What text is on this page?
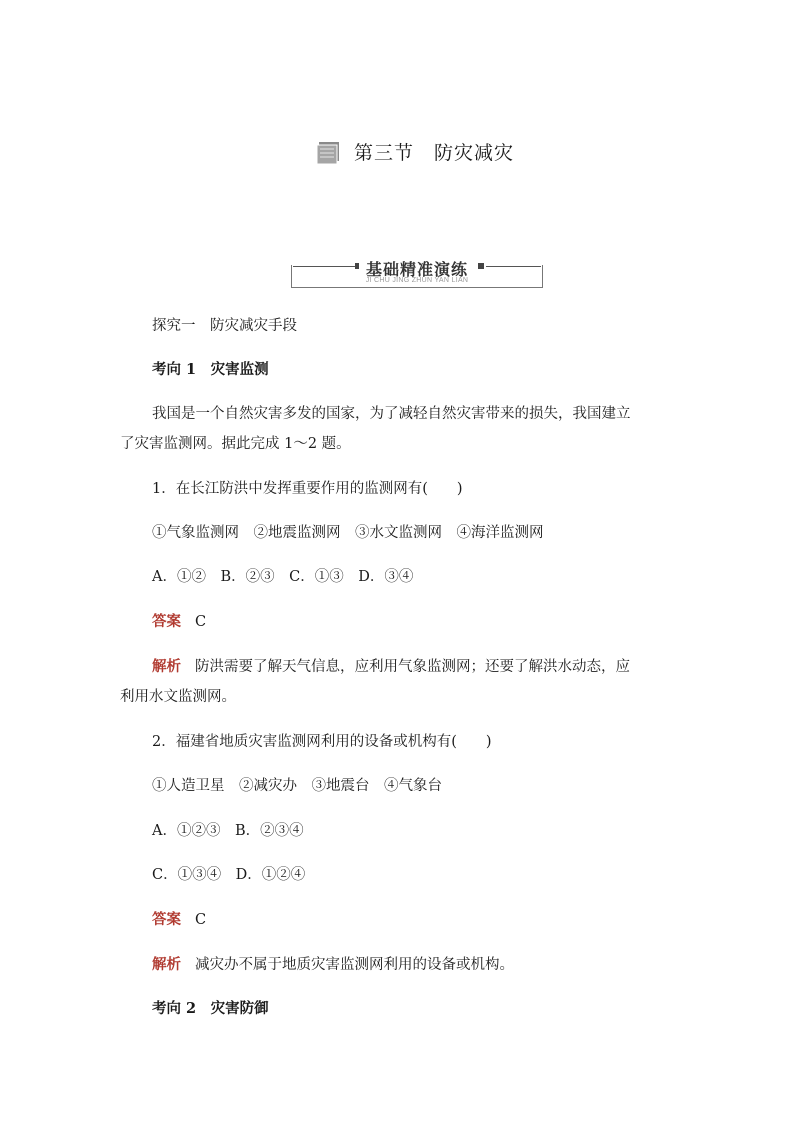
第三节　防灾减灾
基础精准演练
JI CHU JING ZHUN YAN LIAN
探究一　防灾减灾手段
考向 1　灾害监测
我国是一个自然灾害多发的国家，为了减轻自然灾害带来的损失，我国建立
了灾害监测网。据此完成 1～2 题。
1．在长江防洪中发挥重要作用的监测网有(　　)
①气象监测网　②地震监测网　③水文监测网　④海洋监测网
A．①②　B．②③　C．①③　D．③④
答案 C
解析 防洪需要了解天气信息，应利用气象监测网；还要了解洪水动态，应
利用水文监测网。
2．福建省地质灾害监测网利用的设备或机构有(　　)
①人造卫星　②减灾办　③地震台　④气象台
A．①②③　B．②③④
C．①③④　D．①②④
答案 C
解析 减灾办不属于地质灾害监测网利用的设备或机构。
考向 2　灾害防御
